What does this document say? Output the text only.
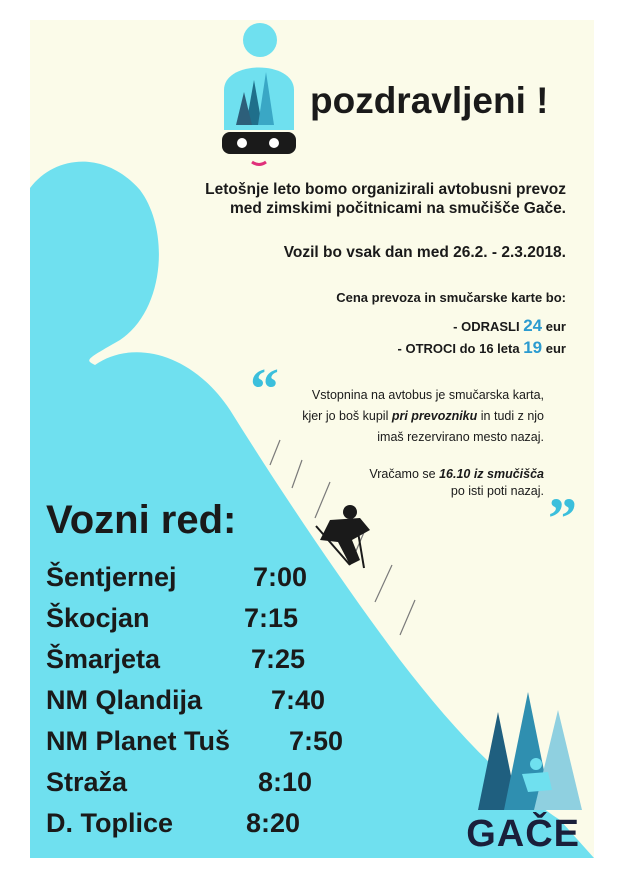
pozdravljeni !
Letošnje leto bomo organizirali avtobusni prevoz
med zimskimi počitnicami na smučišče Gače.
Vozil bo vsak dan med 26.2. - 2.3.2018.
Cena prevoza in smučarske karte bo:
- ODRASLI 24 eur
- OTROCI do 16 leta 19 eur
“	Vstopnina na avtobus je smučarska karta,
kjer jo boš kupil pri prevozniku in tudi z njo
imaš rezervirano mesto nazaj.
Vračamo se 16.10 iz smučišča
po isti poti nazaj. ”
Vozni red:
Šentjernej	7:00
Škocjan	7:15
Šmarjeta	7:25
NM Qlandija	7:40
NM Planet Tuš 7:50
Straža	8:10
D. Toplice	8:20	GAČE
